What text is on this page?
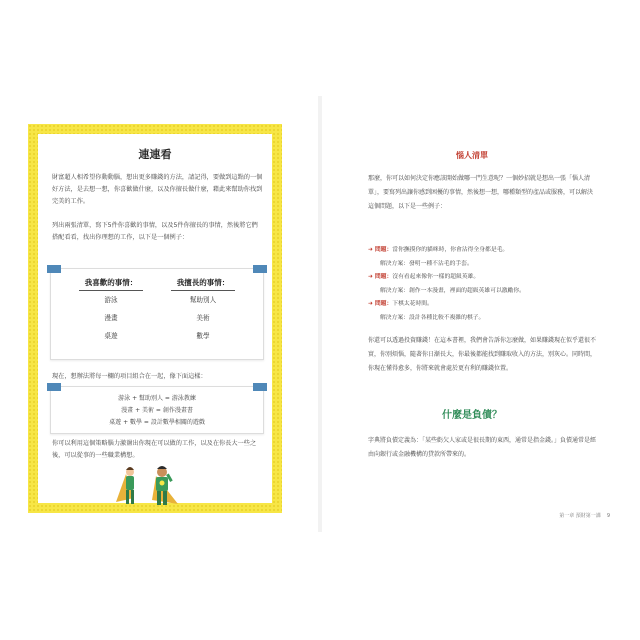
連連看
財富超人相希望你動動腦，想出更多賺錢的方法，請記得，要做到這點的一個好方法，是去想一想，你喜歡做什麼，以及你擅長做什麼，藉此來幫助你找到完美的工作。
列出兩張清單，寫下5件你喜歡的事情，以及5件你擅長的事情，然後將它們搭配看看，找出你理想的工作，以下是一個例子：
我喜歡的事情：
游泳
漫畫
桌遊
我擅長的事情：
幫助別人
美術
數學
現在，想辦法將每一欄的項目組合在一起，像下面這樣：
游泳 + 幫助別人 = 游泳教練
漫畫 + 美術 = 創作漫畫書
桌遊 + 數學 = 設計數學相關的遊戲
你可以利用這個策略腦力激盪出你現在可以做的工作，以及在你長大一些之後，可以從事的一些職業構想。
惱人清單
那麼，你可以如何決定你應該開始做哪一門生意呢？一個妙招就是想出一張「惱人清單」，要寫列出讓你感到困擾的事情，然後想一想，哪種類型的產品或服務，可以解決這個問題，以下是一些例子：
➜ 問題：當你撫摸你的貓咪時，你會沾得全身都是毛。
解決方案：發明一種不沾毛的手套。
➜ 問題：沒有看起來像你一樣的超級英雄。
解決方案：創作一本漫畫，裡面的超級英雄可以激勵你。
➜ 問題：下棋太花時間。
解決方案：設計各種比較不複雜的棋子。
你還可以透過投資賺錢！在這本書裡，我們會告訴你怎麼做，如果賺錢現在似乎還很不實，你別煩惱，隨著你日漸長大，你最後都能找到賺取收入的方法，別灰心。同時間，你現在懂得愈多，你將來就會處於更有利的賺錢位置。
什麼是負債？
字典將負債定義為：「某些虧欠人家或是很長期的東西，通常是指金錢。」負債通常是經由向銀行或金融機構的貸款所帶來的。
第一章 預財第一課 9
